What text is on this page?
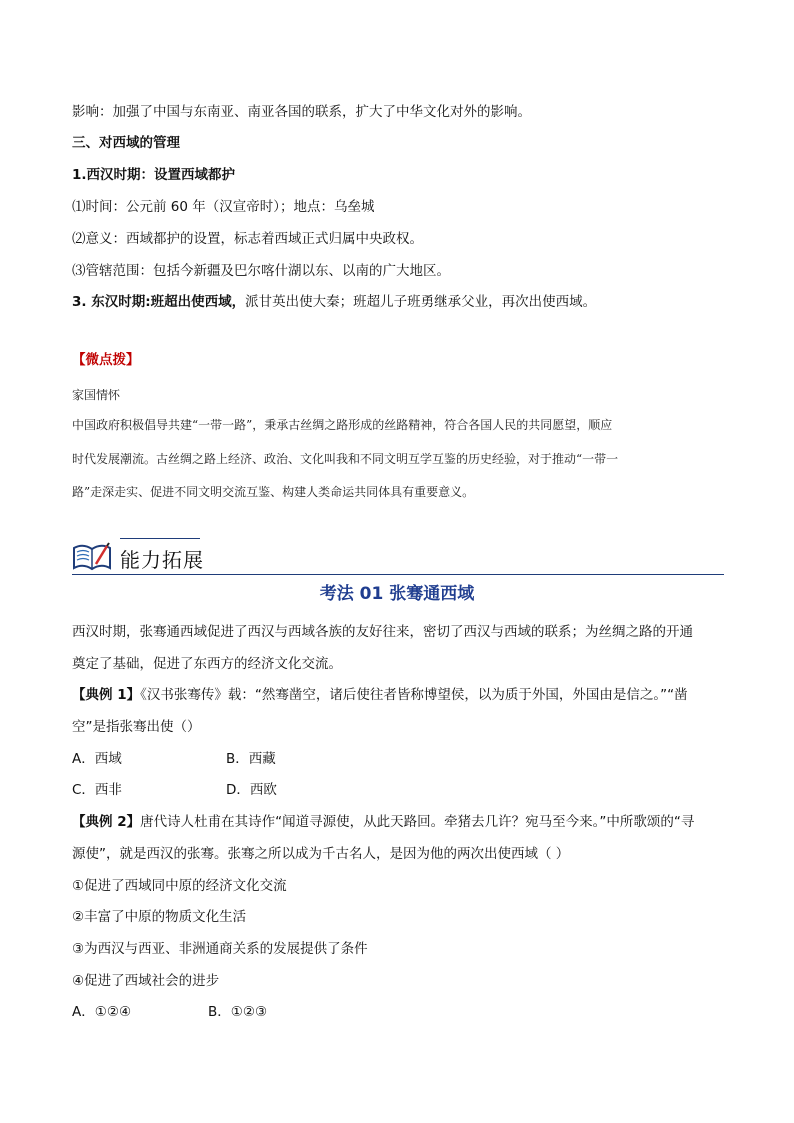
影响：加强了中国与东南亚、南亚各国的联系，扩大了中华文化对外的影响。
三、对西域的管理
1.西汉时期：设置西域都护
⑴时间：公元前 60 年（汉宣帝时）；地点：乌垒城
⑵意义：西域都护的设置，标志着西域正式归属中央政权。
⑶管辖范围：包括今新疆及巴尔喀什湖以东、以南的广大地区。
3. 东汉时期:班超出使西域，派甘英出使大秦；班超儿子班勇继承父业，再次出使西域。
【微点拨】
家国情怀
中国政府积极倡导共建“一带一路”，秉承古丝绸之路形成的丝路精神，符合各国人民的共同愿望，顺应
时代发展潮流。古丝绸之路上经济、政治、文化叫我和不同文明互学互鉴的历史经验，对于推动“一带一
路”走深走实、促进不同文明交流互鉴、构建人类命运共同体具有重要意义。
能力拓展
考法 01 张骞通西域
西汉时期，张骞通西域促进了西汉与西域各族的友好往来，密切了西汉与西域的联系；为丝绸之路的开通
奠定了基础，促进了东西方的经济文化交流。
【典例 1】《汉书张骞传》载：“然骞凿空，诸后使往者皆称博望侯，以为质于外国，外国由是信之。”“凿
空”是指张骞出使（）
A．西域	B．西藏
C．西非	D．西欧
【典例 2】唐代诗人杜甫在其诗作“闻道寻源使，从此天路回。牵猪去几许？宛马至今来。”中所歌颂的“寻
源使”，就是西汉的张骞。张骞之所以成为千古名人，是因为他的两次出使西域（ ）
①促进了西域同中原的经济文化交流
②丰富了中原的物质文化生活
③为西汉与西亚、非洲通商关系的发展提供了条件
④促进了西域社会的进步
A．①②④	B．①②③
